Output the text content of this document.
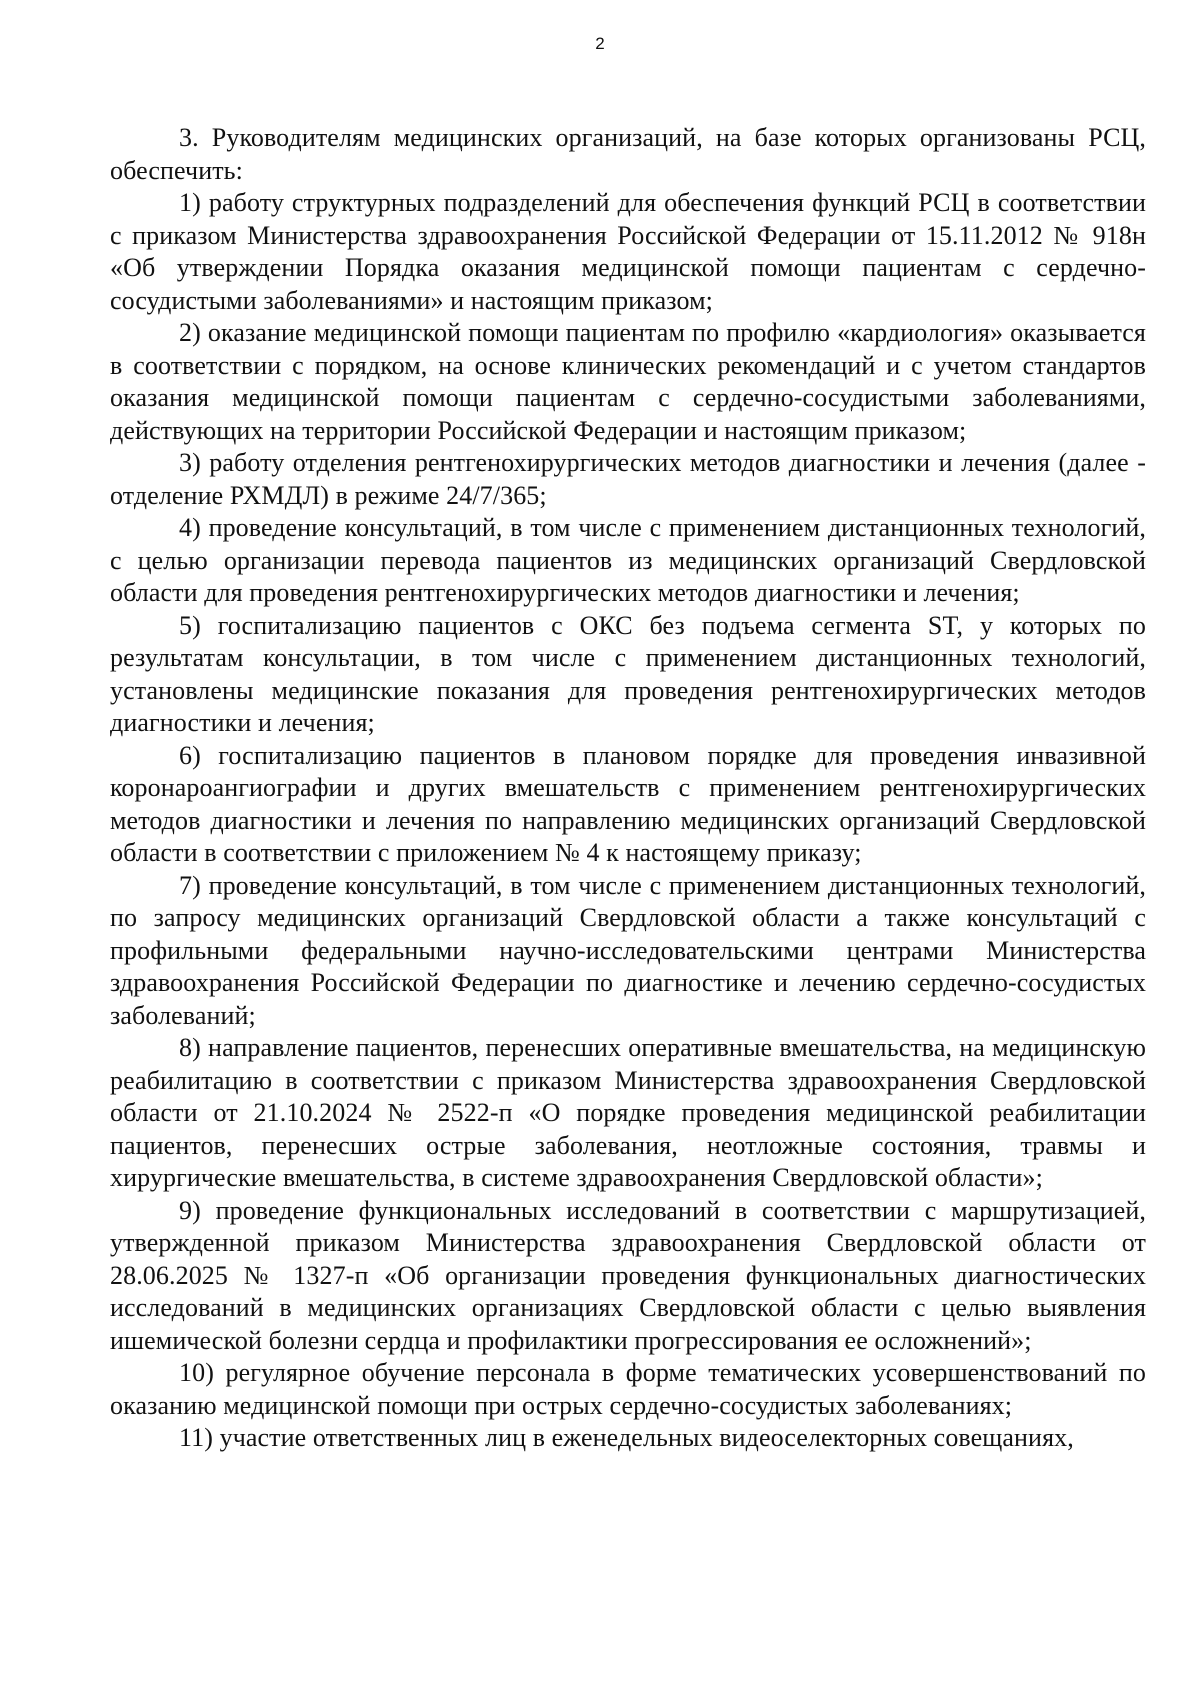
2

3. Руководителям медицинских организаций, на базе которых организованы РСЦ, обеспечить:

1) работу структурных подразделений для обеспечения функций РСЦ в соответствии с приказом Министерства здравоохранения Российской Федерации от 15.11.2012 № 918н «Об утверждении Порядка оказания медицинской помощи пациентам с сердечно-сосудистыми заболеваниями» и настоящим приказом;

2) оказание медицинской помощи пациентам по профилю «кардиология» оказывается в соответствии с порядком, на основе клинических рекомендаций и с учетом стандартов оказания медицинской помощи пациентам с сердечно-сосудистыми заболеваниями, действующих на территории Российской Федерации и настоящим приказом;

3) работу отделения рентгенохирургических методов диагностики и лечения (далее - отделение РХМДЛ) в режиме 24/7/365;

4) проведение консультаций, в том числе с применением дистанционных технологий, с целью организации перевода пациентов из медицинских организаций Свердловской области для проведения рентгенохирургических методов диагностики и лечения;

5) госпитализацию пациентов с ОКС без подъема сегмента ST, у которых по результатам консультации, в том числе с применением дистанционных технологий, установлены медицинские показания для проведения рентгенохирургических методов диагностики и лечения;

6) госпитализацию пациентов в плановом порядке для проведения инвазивной коронароангиографии и других вмешательств с применением рентгенохирургических методов диагностики и лечения по направлению медицинских организаций Свердловской области в соответствии с приложением № 4 к настоящему приказу;

7) проведение консультаций, в том числе с применением дистанционных технологий, по запросу медицинских организаций Свердловской области а также консультаций с профильными федеральными научно-исследовательскими центрами Министерства здравоохранения Российской Федерации по диагностике и лечению сердечно-сосудистых заболеваний;

8) направление пациентов, перенесших оперативные вмешательства, на медицинскую реабилитацию в соответствии с приказом Министерства здравоохранения Свердловской области от 21.10.2024 № 2522-п «О порядке проведения медицинской реабилитации пациентов, перенесших острые заболевания, неотложные состояния, травмы и хирургические вмешательства, в системе здравоохранения Свердловской области»;

9) проведение функциональных исследований в соответствии с маршрутизацией, утвержденной приказом Министерства здравоохранения Свердловской области от 28.06.2025 № 1327-п «Об организации проведения функциональных диагностических исследований в медицинских организациях Свердловской области с целью выявления ишемической болезни сердца и профилактики прогрессирования ее осложнений»;

10) регулярное обучение персонала в форме тематических усовершенствований по оказанию медицинской помощи при острых сердечно-сосудистых заболеваниях;

11) участие ответственных лиц в еженедельных видеоселекторных совещаниях,
